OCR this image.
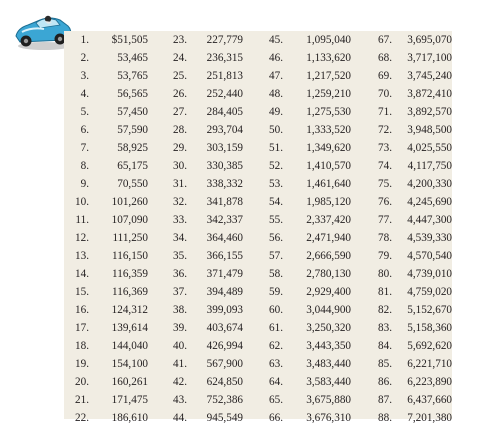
1.	$51,505	23.	227,779	45.	1,095,040	67.	3,695,070
2.	53,465	24.	236,315	46.	1,133,620	68.	3,717,100
3.	53,765	25.	251,813	47.	1,217,520	69.	3,745,240
4.	56,565	26.	252,440	48.	1,259,210	70.	3,872,410
5.	57,450	27.	284,405	49.	1,275,530	71.	3,892,570
6.	57,590	28.	293,704	50.	1,333,520	72.	3,948,500
7.	58,925	29.	303,159	51.	1,349,620	73.	4,025,550
8.	65,175	30.	330,385	52.	1,410,570	74.	4,117,750
9.	70,550	31.	338,332	53.	1,461,640	75.	4,200,330
10.	101,260	32.	341,878	54.	1,985,120	76.	4,245,690
11.	107,090	33.	342,337	55.	2,337,420	77.	4,447,300
12.	111,250	34.	364,460	56.	2,471,940	78.	4,539,330
13.	116,150	35.	366,155	57.	2,666,590	79.	4,570,540
14.	116,359	36.	371,479	58.	2,780,130	80.	4,739,010
15.	116,369	37.	394,489	59.	2,929,400	81.	4,759,020
16.	124,312	38.	399,093	60.	3,044,900	82.	5,152,670
17.	139,614	39.	403,674	61.	3,250,320	83.	5,158,360
18.	144,040	40.	426,994	62.	3,443,350	84.	5,692,620
19.	154,100	41.	567,900	63.	3,483,440	85.	6,221,710
20.	160,261	42.	624,850	64.	3,583,440	86.	6,223,890
21.	171,475	43.	752,386	65.	3,675,880	87.	6,437,660
22.	186,610	44.	945,549	66.	3,676,310	88.	7,201,380
